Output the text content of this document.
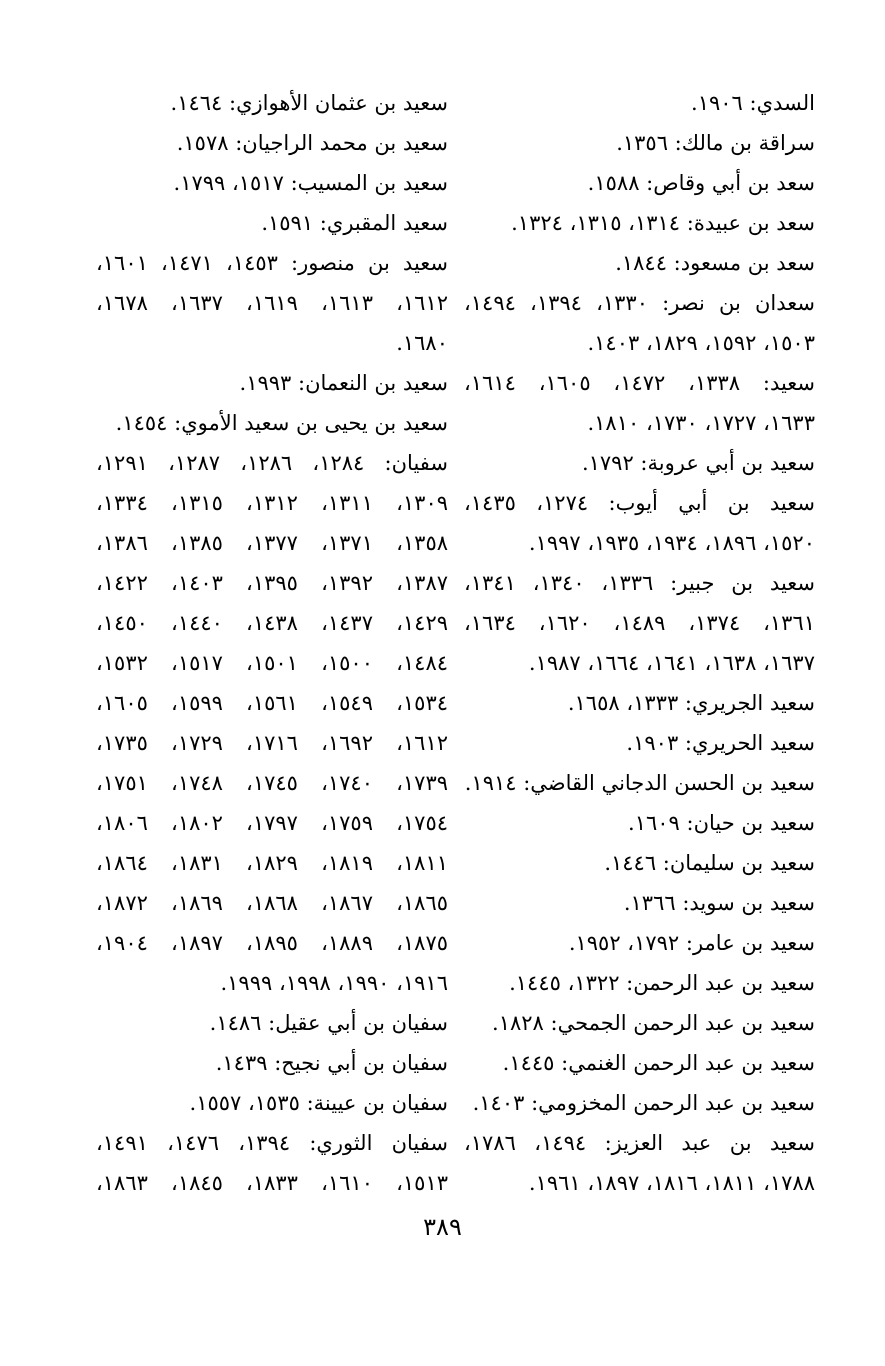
السدي: ١٩٠٦.
سراقة بن مالك: ١٣٥٦.
سعد بن أبي وقاص: ١٥٨٨.
سعد بن عبيدة: ١٣١٤، ١٣١٥، ١٣٢٤.
سعد بن مسعود: ١٨٤٤.
سعدان بن نصر: ١٣٣٠، ١٣٩٤، ١٤٩٤،
١٥٠٣، ١٥٩٢، ١٨٢٩، ١٤٠٣.
سعيد: ١٣٣٨، ١٤٧٢، ١٦٠٥، ١٦١٤،
١٦٣٣، ١٧٢٧، ١٧٣٠، ١٨١٠.
سعيد بن أبي عروبة: ١٧٩٢.
سعيد بن أبي أيوب: ١٢٧٤، ١٤٣٥،
١٥٢٠، ١٨٩٦، ١٩٣٤، ١٩٣٥، ١٩٩٧.
سعيد بن جبير: ١٣٣٦، ١٣٤٠، ١٣٤١،
١٣٦١، ١٣٧٤، ١٤٨٩، ١٦٢٠، ١٦٣٤،
١٦٣٧، ١٦٣٨، ١٦٤١، ١٦٦٤، ١٩٨٧.
سعيد الجريري: ١٣٣٣، ١٦٥٨.
سعيد الحريري: ١٩٠٣.
سعيد بن الحسن الدجاني القاضي: ١٩١٤.
سعيد بن حيان: ١٦٠٩.
سعيد بن سليمان: ١٤٤٦.
سعيد بن سويد: ١٣٦٦.
سعيد بن عامر: ١٧٩٢، ١٩٥٢.
سعيد بن عبد الرحمن: ١٣٢٢، ١٤٤٥.
سعيد بن عبد الرحمن الجمحي: ١٨٢٨.
سعيد بن عبد الرحمن الغنمي: ١٤٤٥.
سعيد بن عبد الرحمن المخزومي: ١٤٠٣.
سعيد بن عبد العزيز: ١٤٩٤، ١٧٨٦،
١٧٨٨، ١٨١١، ١٨١٦، ١٨٩٧، ١٩٦١.
سعيد بن عثمان الأهوازي: ١٤٦٤.
سعيد بن محمد الراجيان: ١٥٧٨.
سعيد بن المسيب: ١٥١٧، ١٧٩٩.
سعيد المقبري: ١٥٩١.
سعيد بن منصور: ١٤٥٣، ١٤٧١، ١٦٠١،
١٦١٢، ١٦١٣، ١٦١٩، ١٦٣٧، ١٦٧٨،
١٦٨٠.
سعيد بن النعمان: ١٩٩٣.
سعيد بن يحيى بن سعيد الأموي: ١٤٥٤.
سفيان: ١٢٨٤، ١٢٨٦، ١٢٨٧، ١٢٩١،
١٣٠٩، ١٣١١، ١٣١٢، ١٣١٥، ١٣٣٤،
١٣٥٨، ١٣٧١، ١٣٧٧، ١٣٨٥، ١٣٨٦،
١٣٨٧، ١٣٩٢، ١٣٩٥، ١٤٠٣، ١٤٢٢،
١٤٢٩، ١٤٣٧، ١٤٣٨، ١٤٤٠، ١٤٥٠،
١٤٨٤، ١٥٠٠، ١٥٠١، ١٥١٧، ١٥٣٢،
١٥٣٤، ١٥٤٩، ١٥٦١، ١٥٩٩، ١٦٠٥،
١٦١٢، ١٦٩٢، ١٧١٦، ١٧٢٩، ١٧٣٥،
١٧٣٩، ١٧٤٠، ١٧٤٥، ١٧٤٨، ١٧٥١،
١٧٥٤، ١٧٥٩، ١٧٩٧، ١٨٠٢، ١٨٠٦،
١٨١١، ١٨١٩، ١٨٢٩، ١٨٣١، ١٨٦٤،
١٨٦٥، ١٨٦٧، ١٨٦٨، ١٨٦٩، ١٨٧٢،
١٨٧٥، ١٨٨٩، ١٨٩٥، ١٨٩٧، ١٩٠٤،
١٩١٦، ١٩٩٠، ١٩٩٨، ١٩٩٩.
سفيان بن أبي عقيل: ١٤٨٦.
سفيان بن أبي نجيح: ١٤٣٩.
سفيان بن عيينة: ١٥٣٥، ١٥٥٧.
سفيان الثوري: ١٣٩٤، ١٤٧٦، ١٤٩١،
١٥١٣، ١٦١٠، ١٨٣٣، ١٨٤٥، ١٨٦٣،
٣٨٩
